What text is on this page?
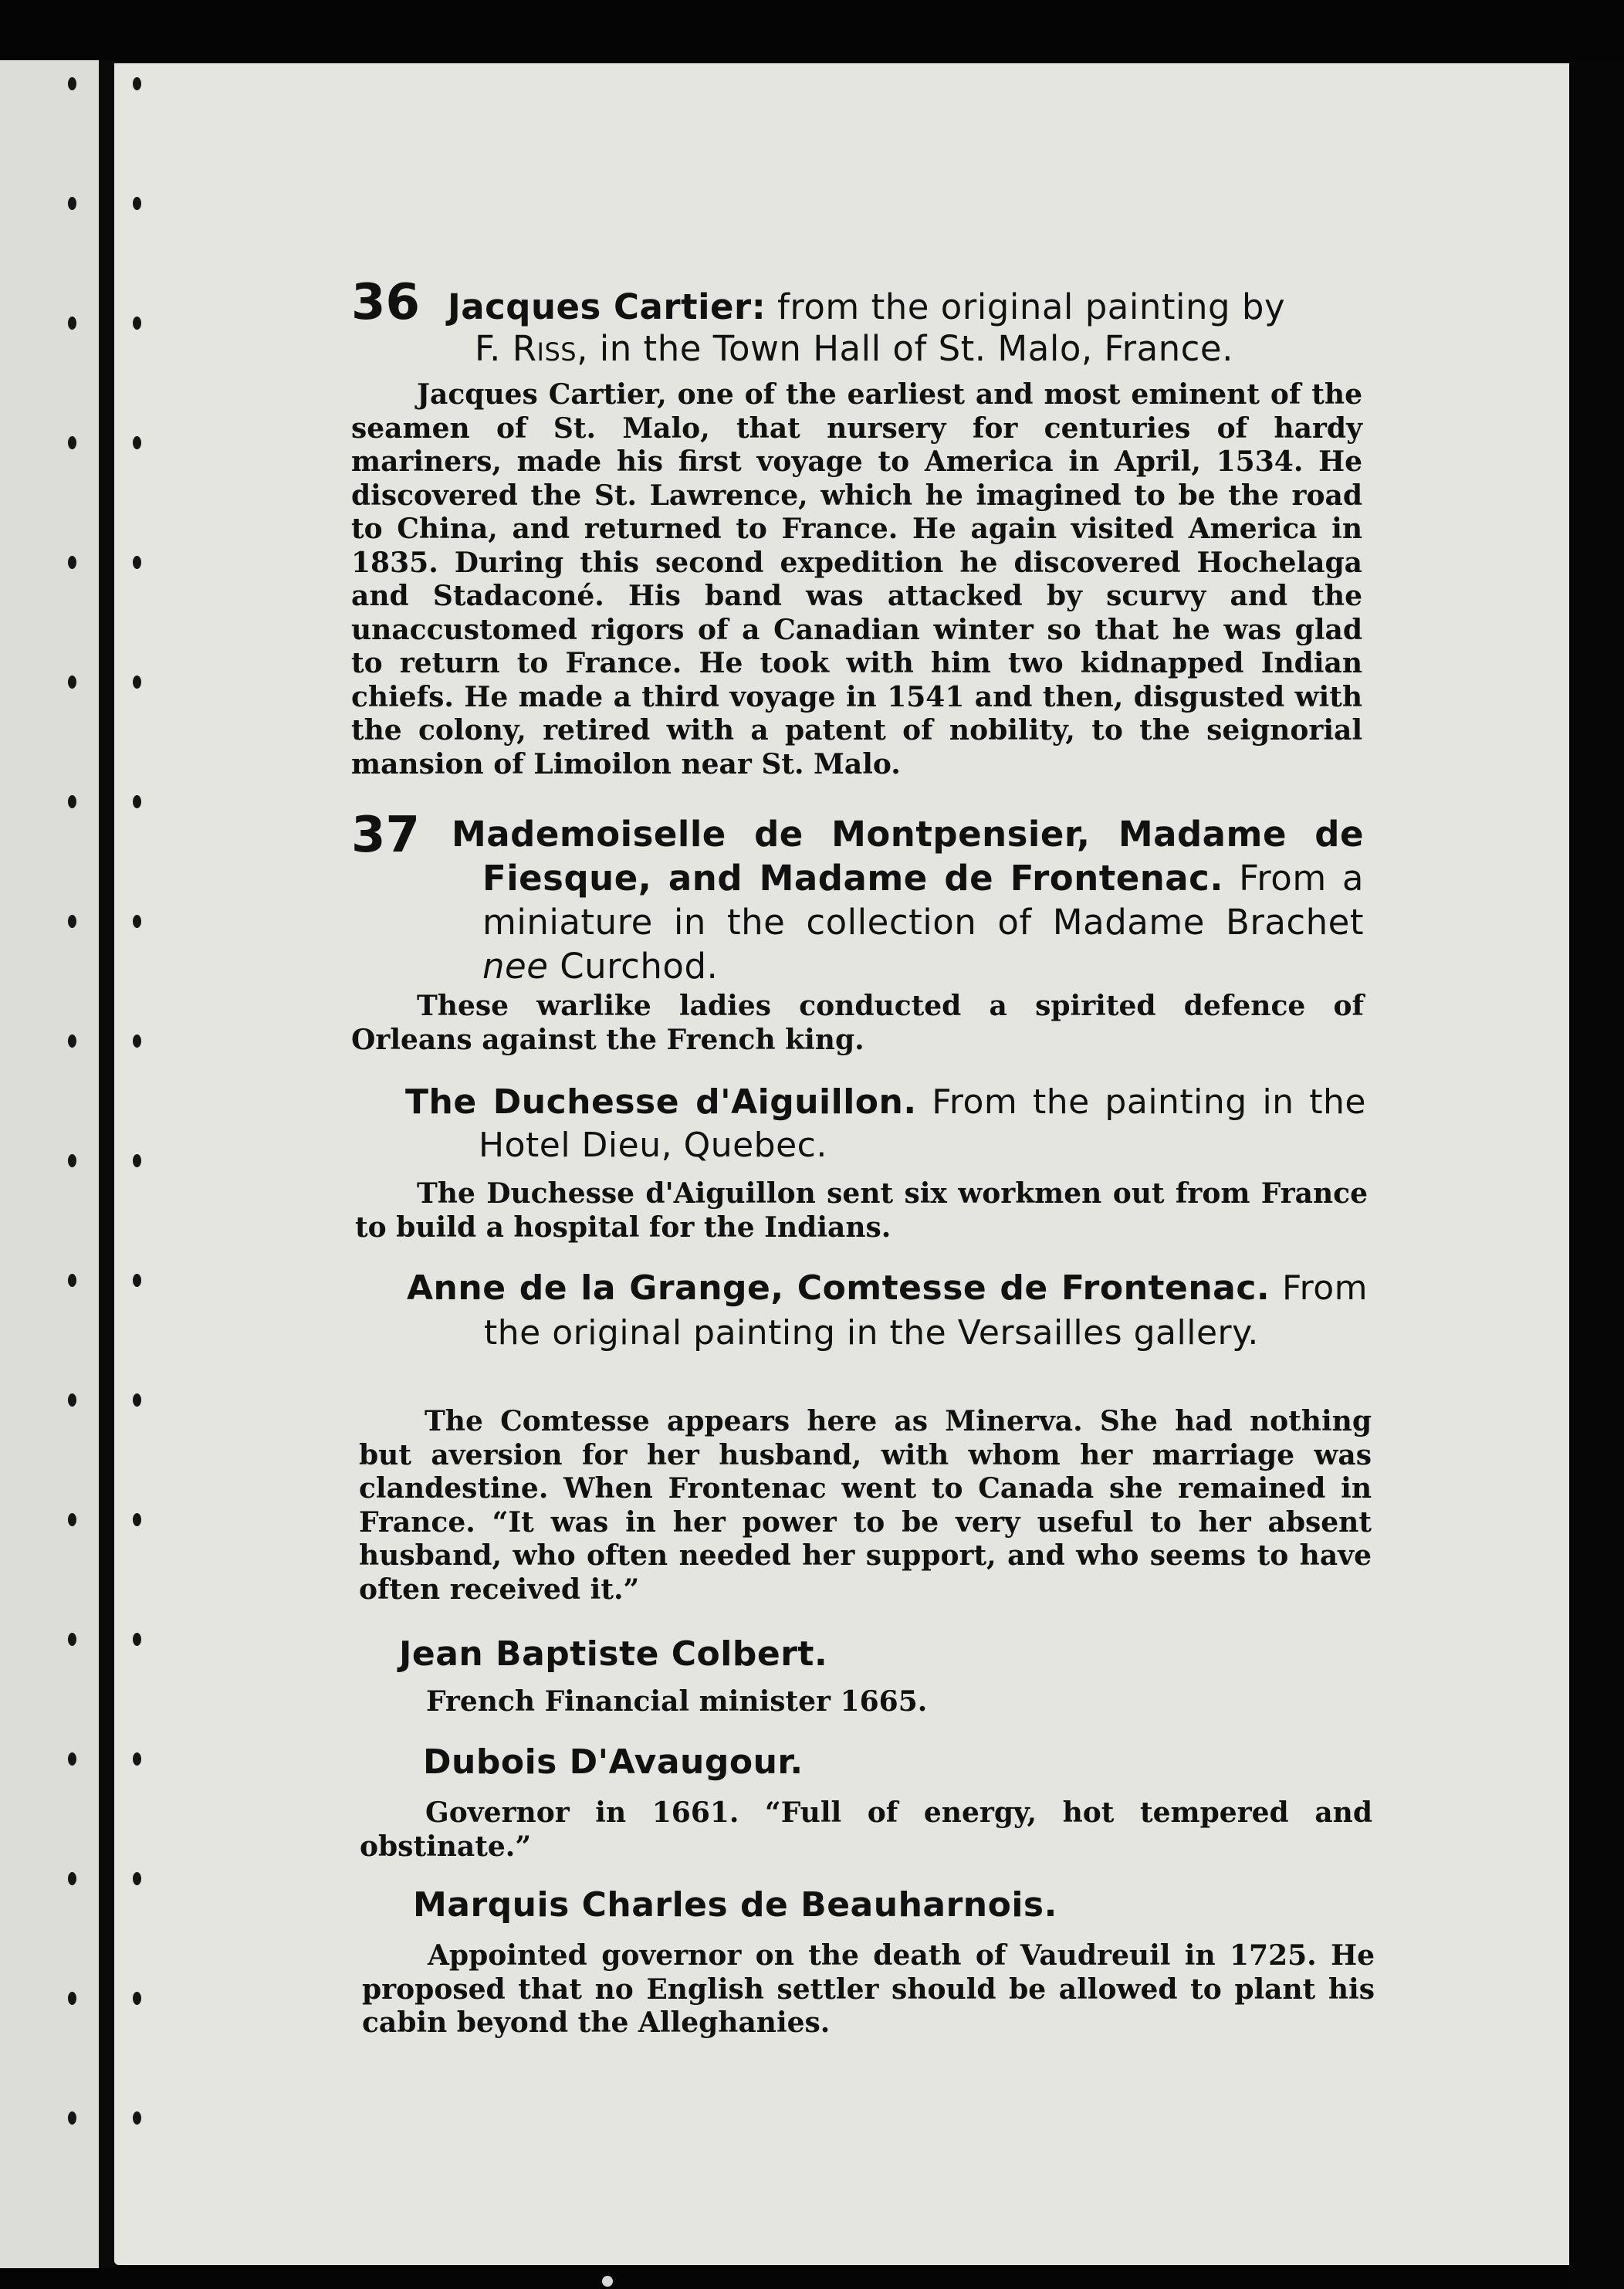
36 Jacques Cartier: from the original painting by
F. Riss, in the Town Hall of St. Malo, France.
Jacques Cartier, one of the earliest and most eminent of the seamen of St. Malo, that nursery for centuries of hardy mariners, made his first voyage to America in April, 1534. He discovered the St. Lawrence, which he imagined to be the road to China, and returned to France. He again visited America in 1835. During this second expedition he discovered Hochelaga and Stadaconé. His band was attacked by scurvy and the unaccustomed rigors of a Canadian winter so that he was glad to return to France. He took with him two kidnapped Indian chiefs. He made a third voyage in 1541 and then, disgusted with the colony, retired with a patent of nobility, to the seignorial mansion of Limoilon near St. Malo.
37 Mademoiselle de Montpensier, Madame de Fiesque, and Madame de Frontenac. From a miniature in the collection of Madame Brachet nee Curchod.
These warlike ladies conducted a spirited defence of Orleans against the French king.
The Duchesse d'Aiguillon. From the painting in the Hotel Dieu, Quebec.
The Duchesse d'Aiguillon sent six workmen out from France to build a hospital for the Indians.
Anne de la Grange, Comtesse de Frontenac. From the original painting in the Versailles gallery.
The Comtesse appears here as Minerva. She had nothing but aversion for her husband, with whom her marriage was clandestine. When Frontenac went to Canada she remained in France. “It was in her power to be very useful to her absent husband, who often needed her support, and who seems to have often received it.”
Jean Baptiste Colbert.
French Financial minister 1665.
Dubois D'Avaugour.
Governor in 1661. “Full of energy, hot tempered and obstinate.”
Marquis Charles de Beauharnois.
Appointed governor on the death of Vaudreuil in 1725. He proposed that no English settler should be allowed to plant his cabin beyond the Alleghanies.
